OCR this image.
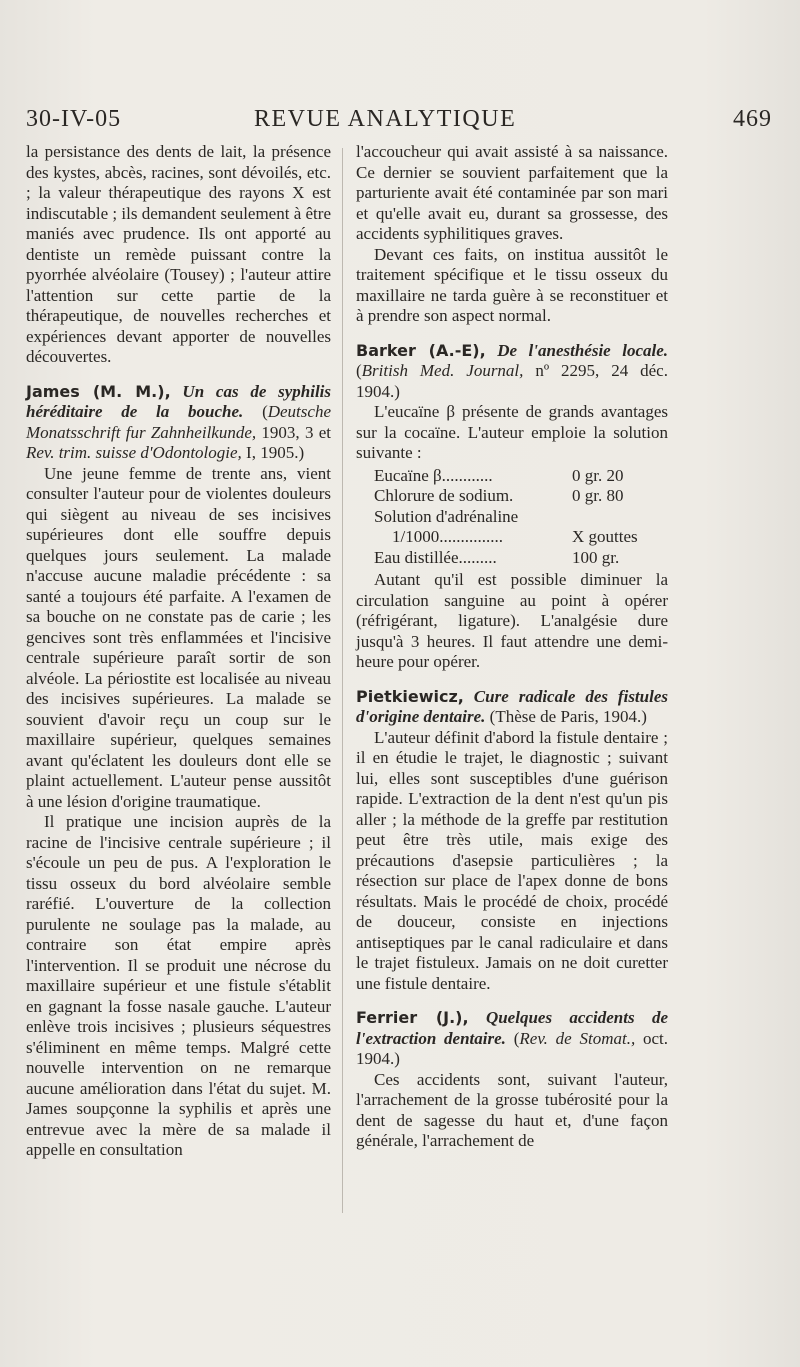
30-IV-05	REVUE ANALYTIQUE	469

la persistance des dents de lait, la présence des kystes, abcès, racines, sont dévoilés, etc. ; la valeur thérapeutique des rayons X est indiscutable ; ils demandent seulement à être maniés avec prudence. Ils ont apporté au dentiste un remède puissant contre la pyorrhée alvéolaire (Tousey) ; l'auteur attire l'attention sur cette partie de la thérapeutique, de nouvelles recherches et expériences devant apporter de nouvelles découvertes.

James (M. M.), Un cas de syphilis héréditaire de la bouche. (Deutsche Monatsschrift fur Zahnheilkunde, 1903, 3 et Rev. trim. suisse d'Odontologie, I, 1905.)

Une jeune femme de trente ans, vient consulter l'auteur pour de violentes douleurs qui siègent au niveau de ses incisives supérieures dont elle souffre depuis quelques jours seulement. La malade n'accuse aucune maladie précédente : sa santé a toujours été parfaite. A l'examen de sa bouche on ne constate pas de carie ; les gencives sont très enflammées et l'incisive centrale supérieure paraît sortir de son alvéole. La périostite est localisée au niveau des incisives supérieures. La malade se souvient d'avoir reçu un coup sur le maxillaire supérieur, quelques semaines avant qu'éclatent les douleurs dont elle se plaint actuellement. L'auteur pense aussitôt à une lésion d'origine traumatique.

Il pratique une incision auprès de la racine de l'incisive centrale supérieure ; il s'écoule un peu de pus. A l'exploration le tissu osseux du bord alvéolaire semble raréfié. L'ouverture de la collection purulente ne soulage pas la malade, au contraire son état empire après l'intervention. Il se produit une nécrose du maxillaire supérieur et une fistule s'établit en gagnant la fosse nasale gauche. L'auteur enlève trois incisives ; plusieurs séquestres s'éliminent en même temps. Malgré cette nouvelle intervention on ne remarque aucune amélioration dans l'état du sujet. M. James soupçonne la syphilis et après une entrevue avec la mère de sa malade il appelle en consultation

l'accoucheur qui avait assisté à sa naissance. Ce dernier se souvient parfaitement que la parturiente avait été contaminée par son mari et qu'elle avait eu, durant sa grossesse, des accidents syphilitiques graves.

Devant ces faits, on institua aussitôt le traitement spécifique et le tissu osseux du maxillaire ne tarda guère à se reconstituer et à prendre son aspect normal.

Barker (A.-E), De l'anesthésie locale. (British Med. Journal, nº 2295, 24 déc. 1904.)

L'eucaïne β présente de grands avantages sur la cocaïne. L'auteur emploie la solution suivante :

Eucaïne β............	0 gr. 20
Chlorure de sodium.	0 gr. 80
Solution d'adrénaline
1/1000...............	X gouttes
Eau distillée.........	100 gr.

Autant qu'il est possible diminuer la circulation sanguine au point à opérer (réfrigérant, ligature). L'analgésie dure jusqu'à 3 heures. Il faut attendre une demi-heure pour opérer.

Pietkiewicz, Cure radicale des fistules d'origine dentaire. (Thèse de Paris, 1904.)

L'auteur définit d'abord la fistule dentaire ; il en étudie le trajet, le diagnostic ; suivant lui, elles sont susceptibles d'une guérison rapide. L'extraction de la dent n'est qu'un pis aller ; la méthode de la greffe par restitution peut être très utile, mais exige des précautions d'asepsie particulières ; la résection sur place de l'apex donne de bons résultats. Mais le procédé de choix, procédé de douceur, consiste en injections antiseptiques par le canal radiculaire et dans le trajet fistuleux. Jamais on ne doit curetter une fistule dentaire.

Ferrier (J.), Quelques accidents de l'extraction dentaire. (Rev. de Stomat., oct. 1904.)

Ces accidents sont, suivant l'auteur, l'arrachement de la grosse tubérosité pour la dent de sagesse du haut et, d'une façon générale, l'arrachement de
